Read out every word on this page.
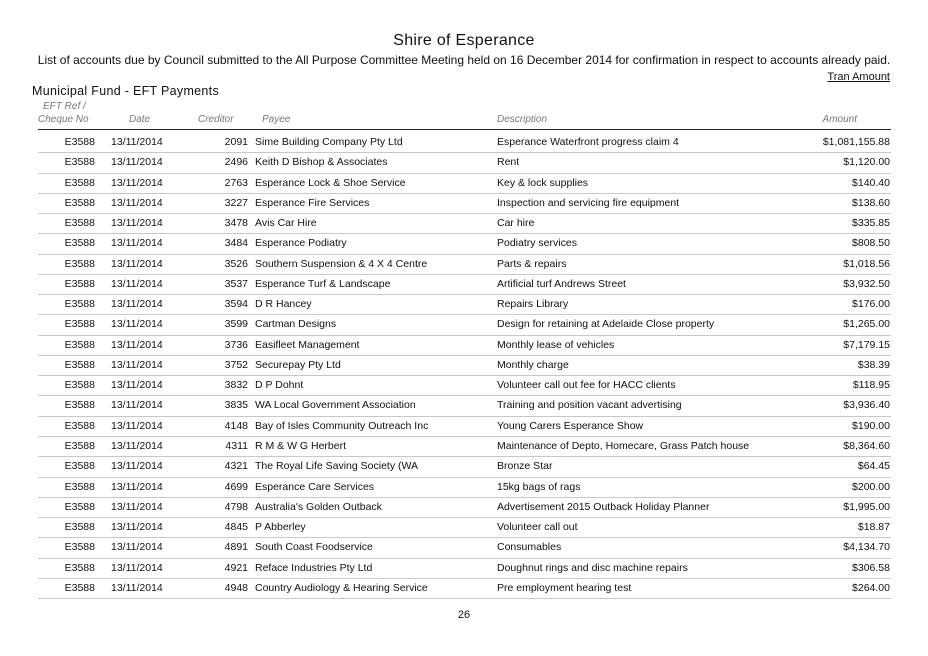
Shire of Esperance
List of accounts due by Council submitted to the All Purpose Committee Meeting held on 16 December 2014 for confirmation in respect to accounts already paid.
Tran Amount
Municipal Fund - EFT Payments
EFT Ref /
Cheque No	Date	Creditor	Payee	Description	Amount
E3588 13/11/2014	2091 Sime Building Company Pty Ltd	Esperance Waterfront progress claim 4	$1,081,155.88
E3588 13/11/2014	2496 Keith D Bishop & Associates	Rent	$1,120.00
E3588 13/11/2014	2763 Esperance Lock & Shoe Service	Key & lock supplies	$140.40
E3588 13/11/2014	3227 Esperance Fire Services	Inspection and servicing fire equipment	$138.60
E3588 13/11/2014	3478 Avis Car Hire	Car hire	$335.85
E3588 13/11/2014	3484 Esperance Podiatry	Podiatry services	$808.50
E3588 13/11/2014	3526 Southern Suspension & 4 X 4 Centre	Parts & repairs	$1,018.56
E3588 13/11/2014	3537 Esperance Turf & Landscape	Artificial turf Andrews Street	$3,932.50
E3588 13/11/2014	3594 D R Hancey	Repairs Library	$176.00
E3588 13/11/2014	3599 Cartman Designs	Design for retaining at Adelaide Close property	$1,265.00
E3588 13/11/2014	3736 Easifleet Management	Monthly lease of vehicles	$7,179.15
E3588 13/11/2014	3752 Securepay Pty Ltd	Monthly charge	$38.39
E3588 13/11/2014	3832 D P Dohnt	Volunteer call out fee for HACC clients	$118.95
E3588 13/11/2014	3835 WA Local Government Association	Training and position vacant advertising	$3,936.40
E3588 13/11/2014	4148 Bay of Isles Community Outreach Inc	Young Carers Esperance Show	$190.00
E3588 13/11/2014	4311 R M & W G Herbert	Maintenance of Depto, Homecare, Grass Patch house	$8,364.60
E3588 13/11/2014	4321 The Royal Life Saving Society (WA	Bronze Star	$64.45
E3588 13/11/2014	4699 Esperance Care Services	15kg bags of rags	$200.00
E3588 13/11/2014	4798 Australia's Golden Outback	Advertisement 2015 Outback Holiday Planner	$1,995.00
E3588 13/11/2014	4845 P Abberley	Volunteer call out	$18.87
E3588 13/11/2014	4891 South Coast Foodservice	Consumables	$4,134.70
E3588 13/11/2014	4921 Reface Industries Pty Ltd	Doughnut rings and disc machine repairs	$306.58
E3588 13/11/2014	4948 Country Audiology & Hearing Service	Pre employment hearing test	$264.00
26
